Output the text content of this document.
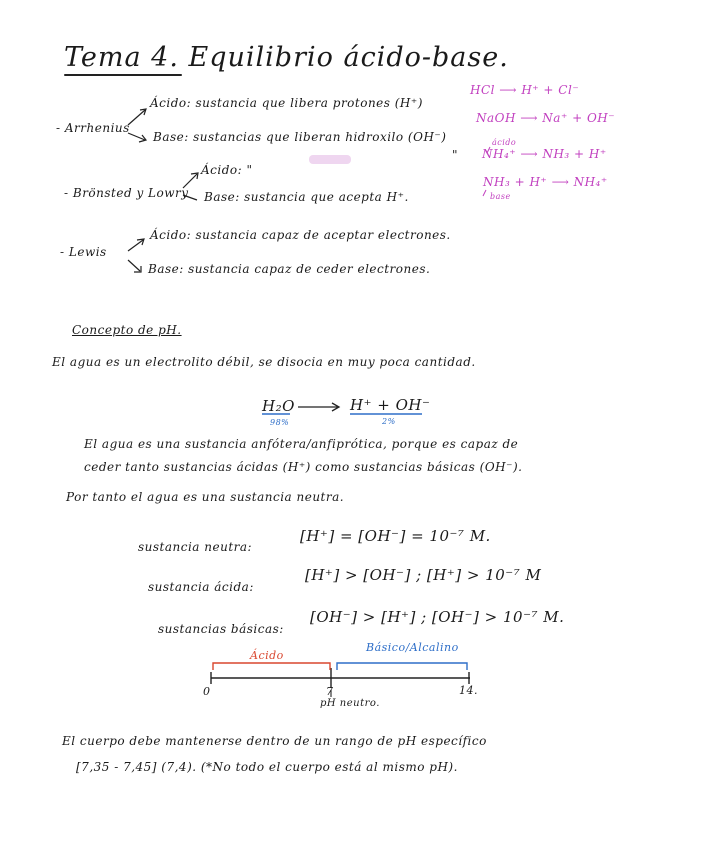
Tema 4. Equilibrio ácido-base.
- Arrhenius
Ácido: sustancia que libera protones (H⁺)
Base: sustancias que liberan hidroxilo (OH⁻)
HCl ⟶ H⁺ + Cl⁻
NaOH ⟶ Na⁺ + OH⁻
- Brönsted y Lowry
Ácido: "
"
Base: sustancia que acepta H⁺.
ácido
NH₄⁺ ⟶ NH₃ + H⁺
NH₃ + H⁺ ⟶ NH₄⁺
base
- Lewis
Ácido: sustancia capaz de aceptar electrones.
Base: sustancia capaz de ceder electrones.
Concepto de pH.
El agua es un electrolito débil, se disocia en muy poca cantidad.
H₂O	H⁺ + OH⁻
98%	2%
El agua es una sustancia anfótera/anfiprótica, porque es capaz de
ceder tanto sustancias ácidas (H⁺) como sustancias básicas (OH⁻).
Por tanto el agua es una sustancia neutra.
sustancia neutra:
[H⁺] = [OH⁻] = 10⁻⁷ M.
sustancia ácida:
[H⁺] > [OH⁻] ; [H⁺] > 10⁻⁷ M
sustancias básicas:
[OH⁻] > [H⁺] ; [OH⁻] > 10⁻⁷ M.
Ácido
Básico/Alcalino
0	7	14.
pH neutro.
El cuerpo debe mantenerse dentro de un rango de pH específico
[7,35 - 7,45] (7,4). (*No todo el cuerpo está al mismo pH).
